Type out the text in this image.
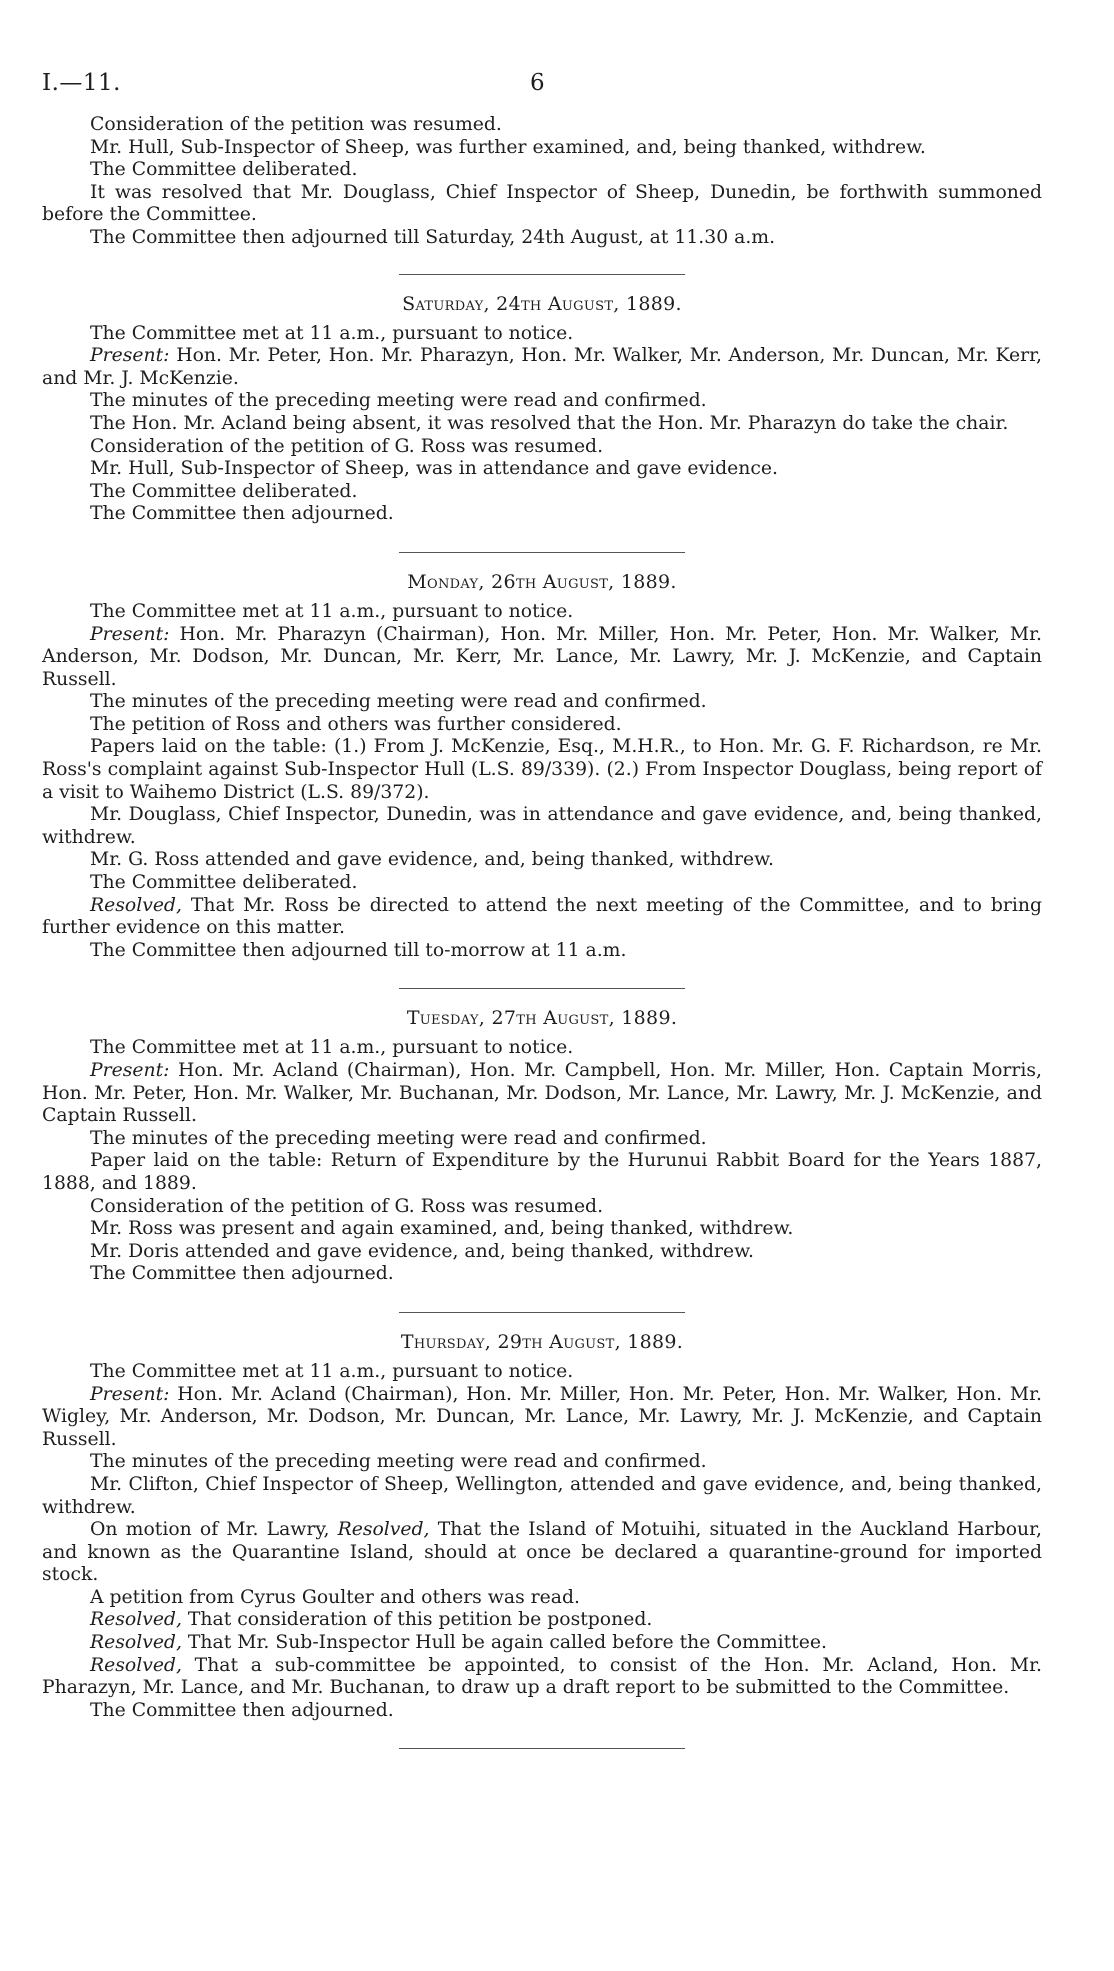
I.—11.	6

Consideration of the petition was resumed.

Mr. Hull, Sub-Inspector of Sheep, was further examined, and, being thanked, withdrew.

The Committee deliberated.

It was resolved that Mr. Douglass, Chief Inspector of Sheep, Dunedin, be forthwith summoned before the Committee.

The Committee then adjourned till Saturday, 24th August, at 11.30 a.m.

Saturday, 24th August, 1889.

The Committee met at 11 a.m., pursuant to notice.

Present: Hon. Mr. Peter, Hon. Mr. Pharazyn, Hon. Mr. Walker, Mr. Anderson, Mr. Duncan, Mr. Kerr, and Mr. J. McKenzie.

The minutes of the preceding meeting were read and confirmed.

The Hon. Mr. Acland being absent, it was resolved that the Hon. Mr. Pharazyn do take the chair.

Consideration of the petition of G. Ross was resumed.

Mr. Hull, Sub-Inspector of Sheep, was in attendance and gave evidence.

The Committee deliberated.

The Committee then adjourned.

Monday, 26th August, 1889.

The Committee met at 11 a.m., pursuant to notice.

Present: Hon. Mr. Pharazyn (Chairman), Hon. Mr. Miller, Hon. Mr. Peter, Hon. Mr. Walker, Mr. Anderson, Mr. Dodson, Mr. Duncan, Mr. Kerr, Mr. Lance, Mr. Lawry, Mr. J. McKenzie, and Captain Russell.

The minutes of the preceding meeting were read and confirmed.

The petition of Ross and others was further considered.

Papers laid on the table: (1.) From J. McKenzie, Esq., M.H.R., to Hon. Mr. G. F. Richardson, re Mr. Ross's complaint against Sub-Inspector Hull (L.S. 89/339). (2.) From Inspector Douglass, being report of a visit to Waihemo District (L.S. 89/372).

Mr. Douglass, Chief Inspector, Dunedin, was in attendance and gave evidence, and, being thanked, withdrew.

Mr. G. Ross attended and gave evidence, and, being thanked, withdrew.

The Committee deliberated.

Resolved, That Mr. Ross be directed to attend the next meeting of the Committee, and to bring further evidence on this matter.

The Committee then adjourned till to-morrow at 11 a.m.

Tuesday, 27th August, 1889.

The Committee met at 11 a.m., pursuant to notice.

Present: Hon. Mr. Acland (Chairman), Hon. Mr. Campbell, Hon. Mr. Miller, Hon. Captain Morris, Hon. Mr. Peter, Hon. Mr. Walker, Mr. Buchanan, Mr. Dodson, Mr. Lance, Mr. Lawry, Mr. J. McKenzie, and Captain Russell.

The minutes of the preceding meeting were read and confirmed.

Paper laid on the table: Return of Expenditure by the Hurunui Rabbit Board for the Years 1887, 1888, and 1889.

Consideration of the petition of G. Ross was resumed.

Mr. Ross was present and again examined, and, being thanked, withdrew.

Mr. Doris attended and gave evidence, and, being thanked, withdrew.

The Committee then adjourned.

Thursday, 29th August, 1889.

The Committee met at 11 a.m., pursuant to notice.

Present: Hon. Mr. Acland (Chairman), Hon. Mr. Miller, Hon. Mr. Peter, Hon. Mr. Walker, Hon. Mr. Wigley, Mr. Anderson, Mr. Dodson, Mr. Duncan, Mr. Lance, Mr. Lawry, Mr. J. McKenzie, and Captain Russell.

The minutes of the preceding meeting were read and confirmed.

Mr. Clifton, Chief Inspector of Sheep, Wellington, attended and gave evidence, and, being thanked, withdrew.

On motion of Mr. Lawry, Resolved, That the Island of Motuihi, situated in the Auckland Harbour, and known as the Quarantine Island, should at once be declared a quarantine-ground for imported stock.

A petition from Cyrus Goulter and others was read.

Resolved, That consideration of this petition be postponed.

Resolved, That Mr. Sub-Inspector Hull be again called before the Committee.

Resolved, That a sub-committee be appointed, to consist of the Hon. Mr. Acland, Hon. Mr. Pharazyn, Mr. Lance, and Mr. Buchanan, to draw up a draft report to be submitted to the Committee.

The Committee then adjourned.
